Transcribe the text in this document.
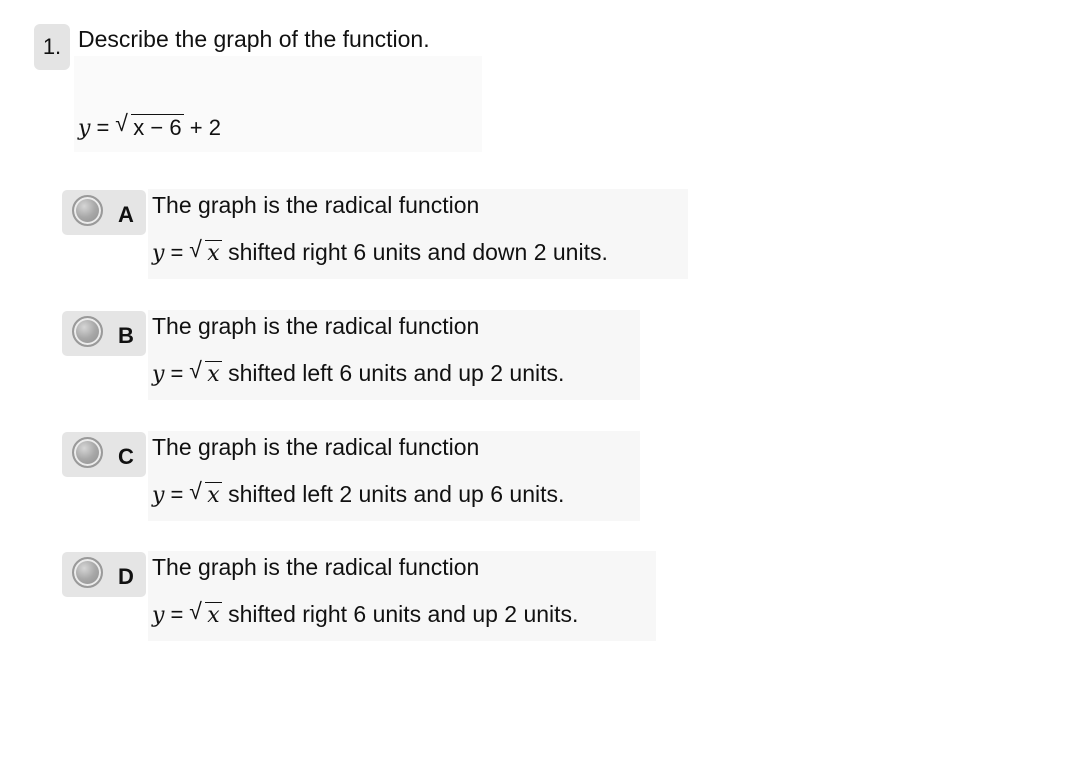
1. Describe the graph of the function.
y = √ x − 6 + 2
A The graph is the radical function
y = √ x shifted right 6 units and down 2 units.
B The graph is the radical function
y = √ x shifted left 6 units and up 2 units.
C The graph is the radical function
y = √ x shifted left 2 units and up 6 units.
D The graph is the radical function
y = √ x shifted right 6 units and up 2 units.
